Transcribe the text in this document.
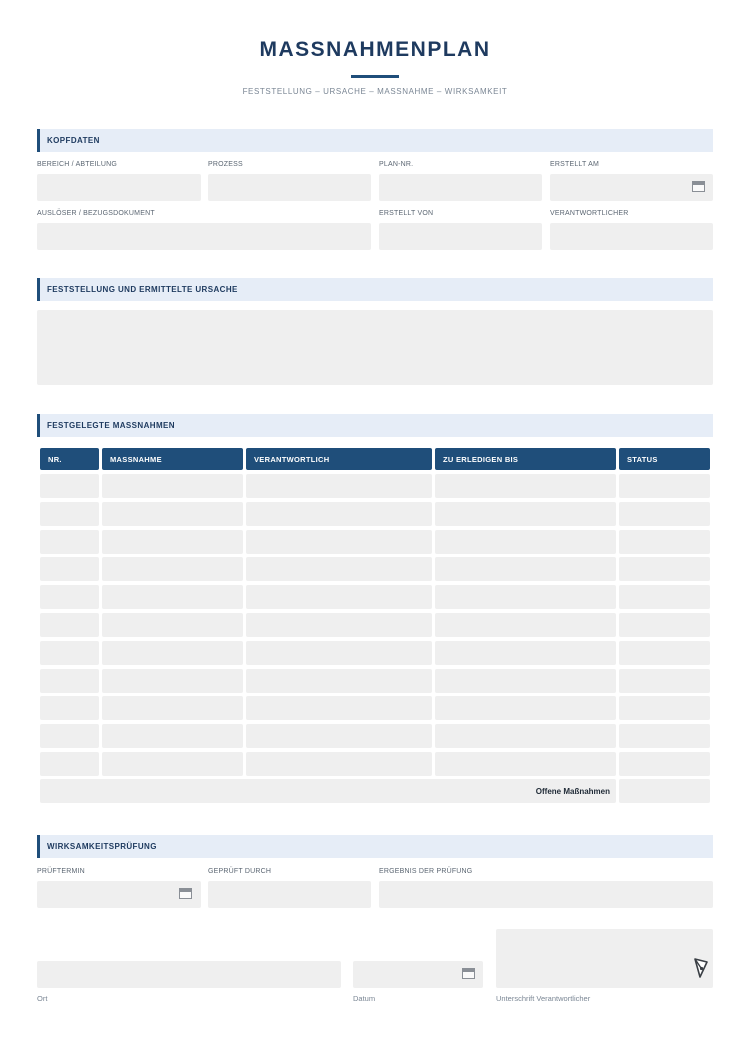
MASSNAHMENPLAN
FESTSTELLUNG – URSACHE – MASSNAHME – WIRKSAMKEIT
KOPFDATEN
BEREICH / ABTEILUNG	PROZESS	PLAN-NR.	ERSTELLT AM
AUSLÖSER / BEZUGSDOKUMENT	ERSTELLT VON	VERANTWORTLICHER
FESTSTELLUNG UND ERMITTELTE URSACHE
FESTGELEGTE MASSNAHMEN
NR.	MASSNAHME	VERANTWORTLICH	ZU ERLEDIGEN BIS	STATUS
Offene Maßnahmen
WIRKSAMKEITSPRÜFUNG
PRÜFTERMIN	GEPRÜFT DURCH	ERGEBNIS DER PRÜFUNG
Ort	Datum	Unterschrift Verantwortlicher
